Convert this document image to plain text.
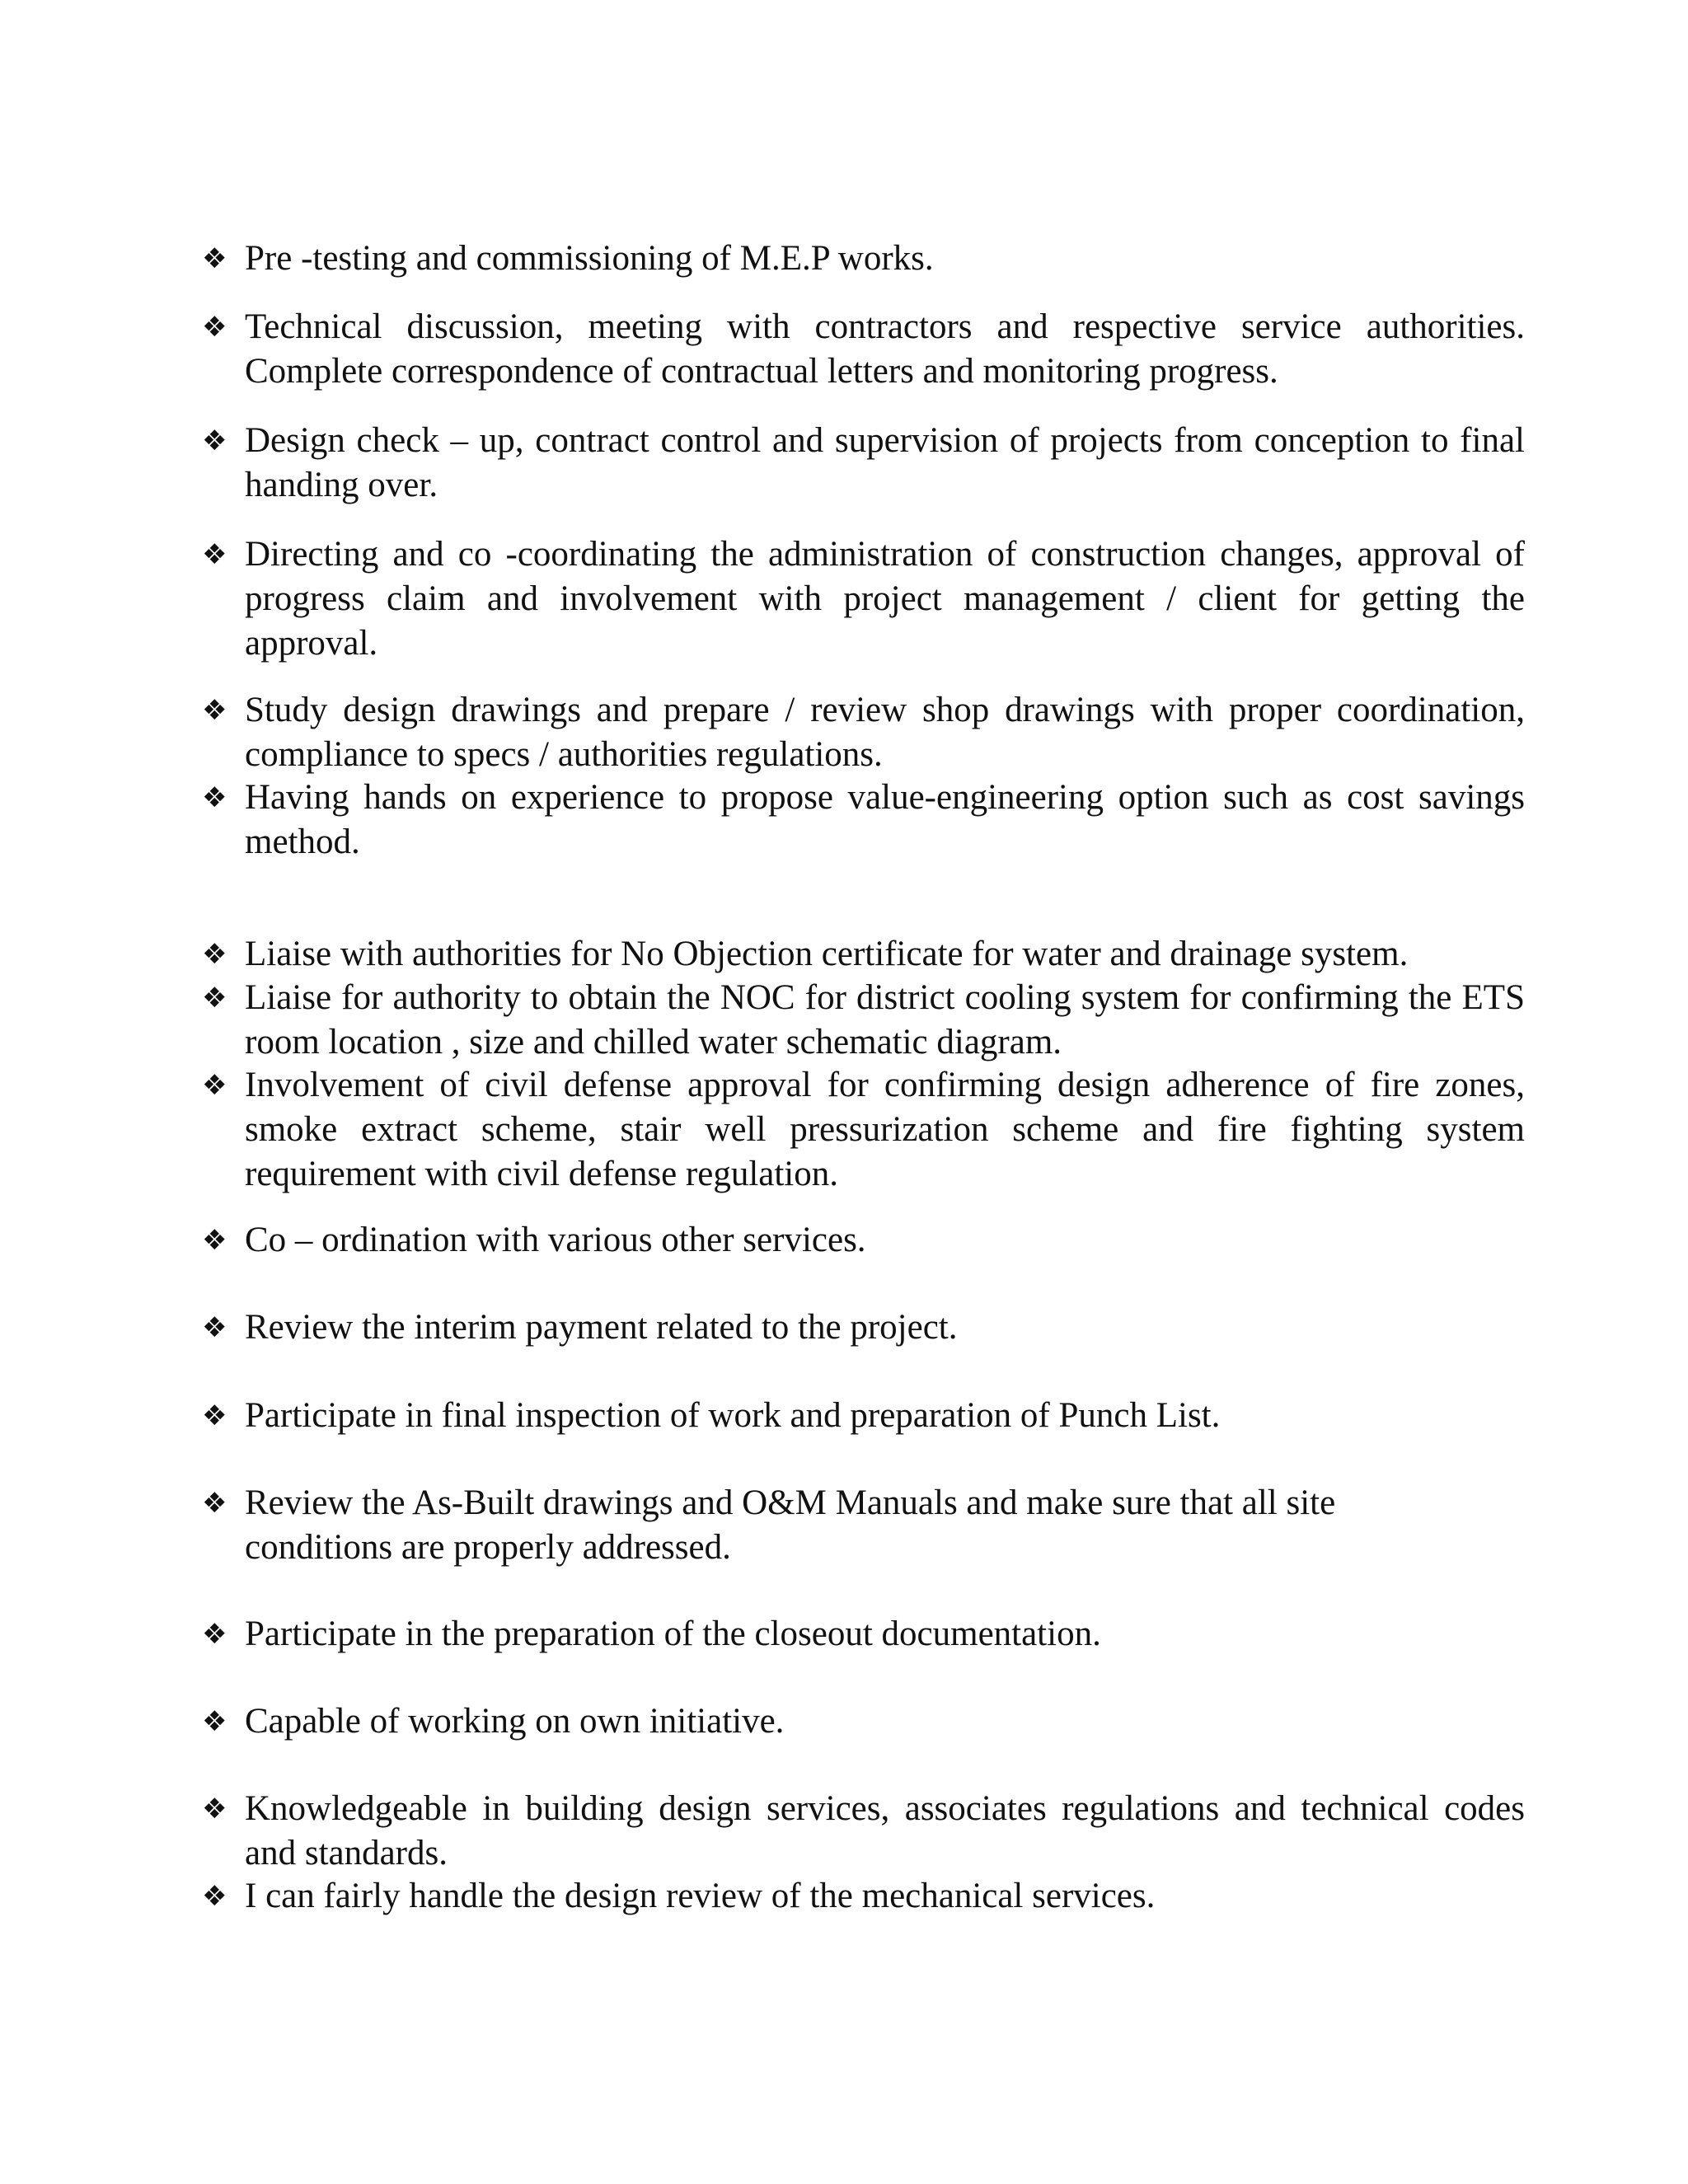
❖ Pre -testing and commissioning of M.E.P works.
❖ Technical discussion, meeting with contractors and respective service authorities. Complete correspondence of contractual letters and monitoring progress.
❖ Design check – up, contract control and supervision of projects from conception to final handing over.
❖ Directing and co -coordinating the administration of construction changes, approval of progress claim and involvement with project management / client for getting the approval.
❖ Study design drawings and prepare / review shop drawings with proper coordination, compliance to specs / authorities regulations.
❖ Having hands on experience to propose value-engineering option such as cost savings method.
❖ Liaise with authorities for No Objection certificate for water and drainage system.
❖ Liaise for authority to obtain the NOC for district cooling system for confirming the ETS room location , size and chilled water schematic diagram.
❖ Involvement of civil defense approval for confirming design adherence of fire zones, smoke extract scheme, stair well pressurization scheme and fire fighting system requirement with civil defense regulation.
❖ Co – ordination with various other services.
❖ Review the interim payment related to the project.
❖ Participate in final inspection of work and preparation of Punch List.
❖ Review the As-Built drawings and O&M Manuals and make sure that all site conditions are properly addressed.
❖ Participate in the preparation of the closeout documentation.
❖ Capable of working on own initiative.
❖ Knowledgeable in building design services, associates regulations and technical codes and standards.
❖ I can fairly handle the design review of the mechanical services.
